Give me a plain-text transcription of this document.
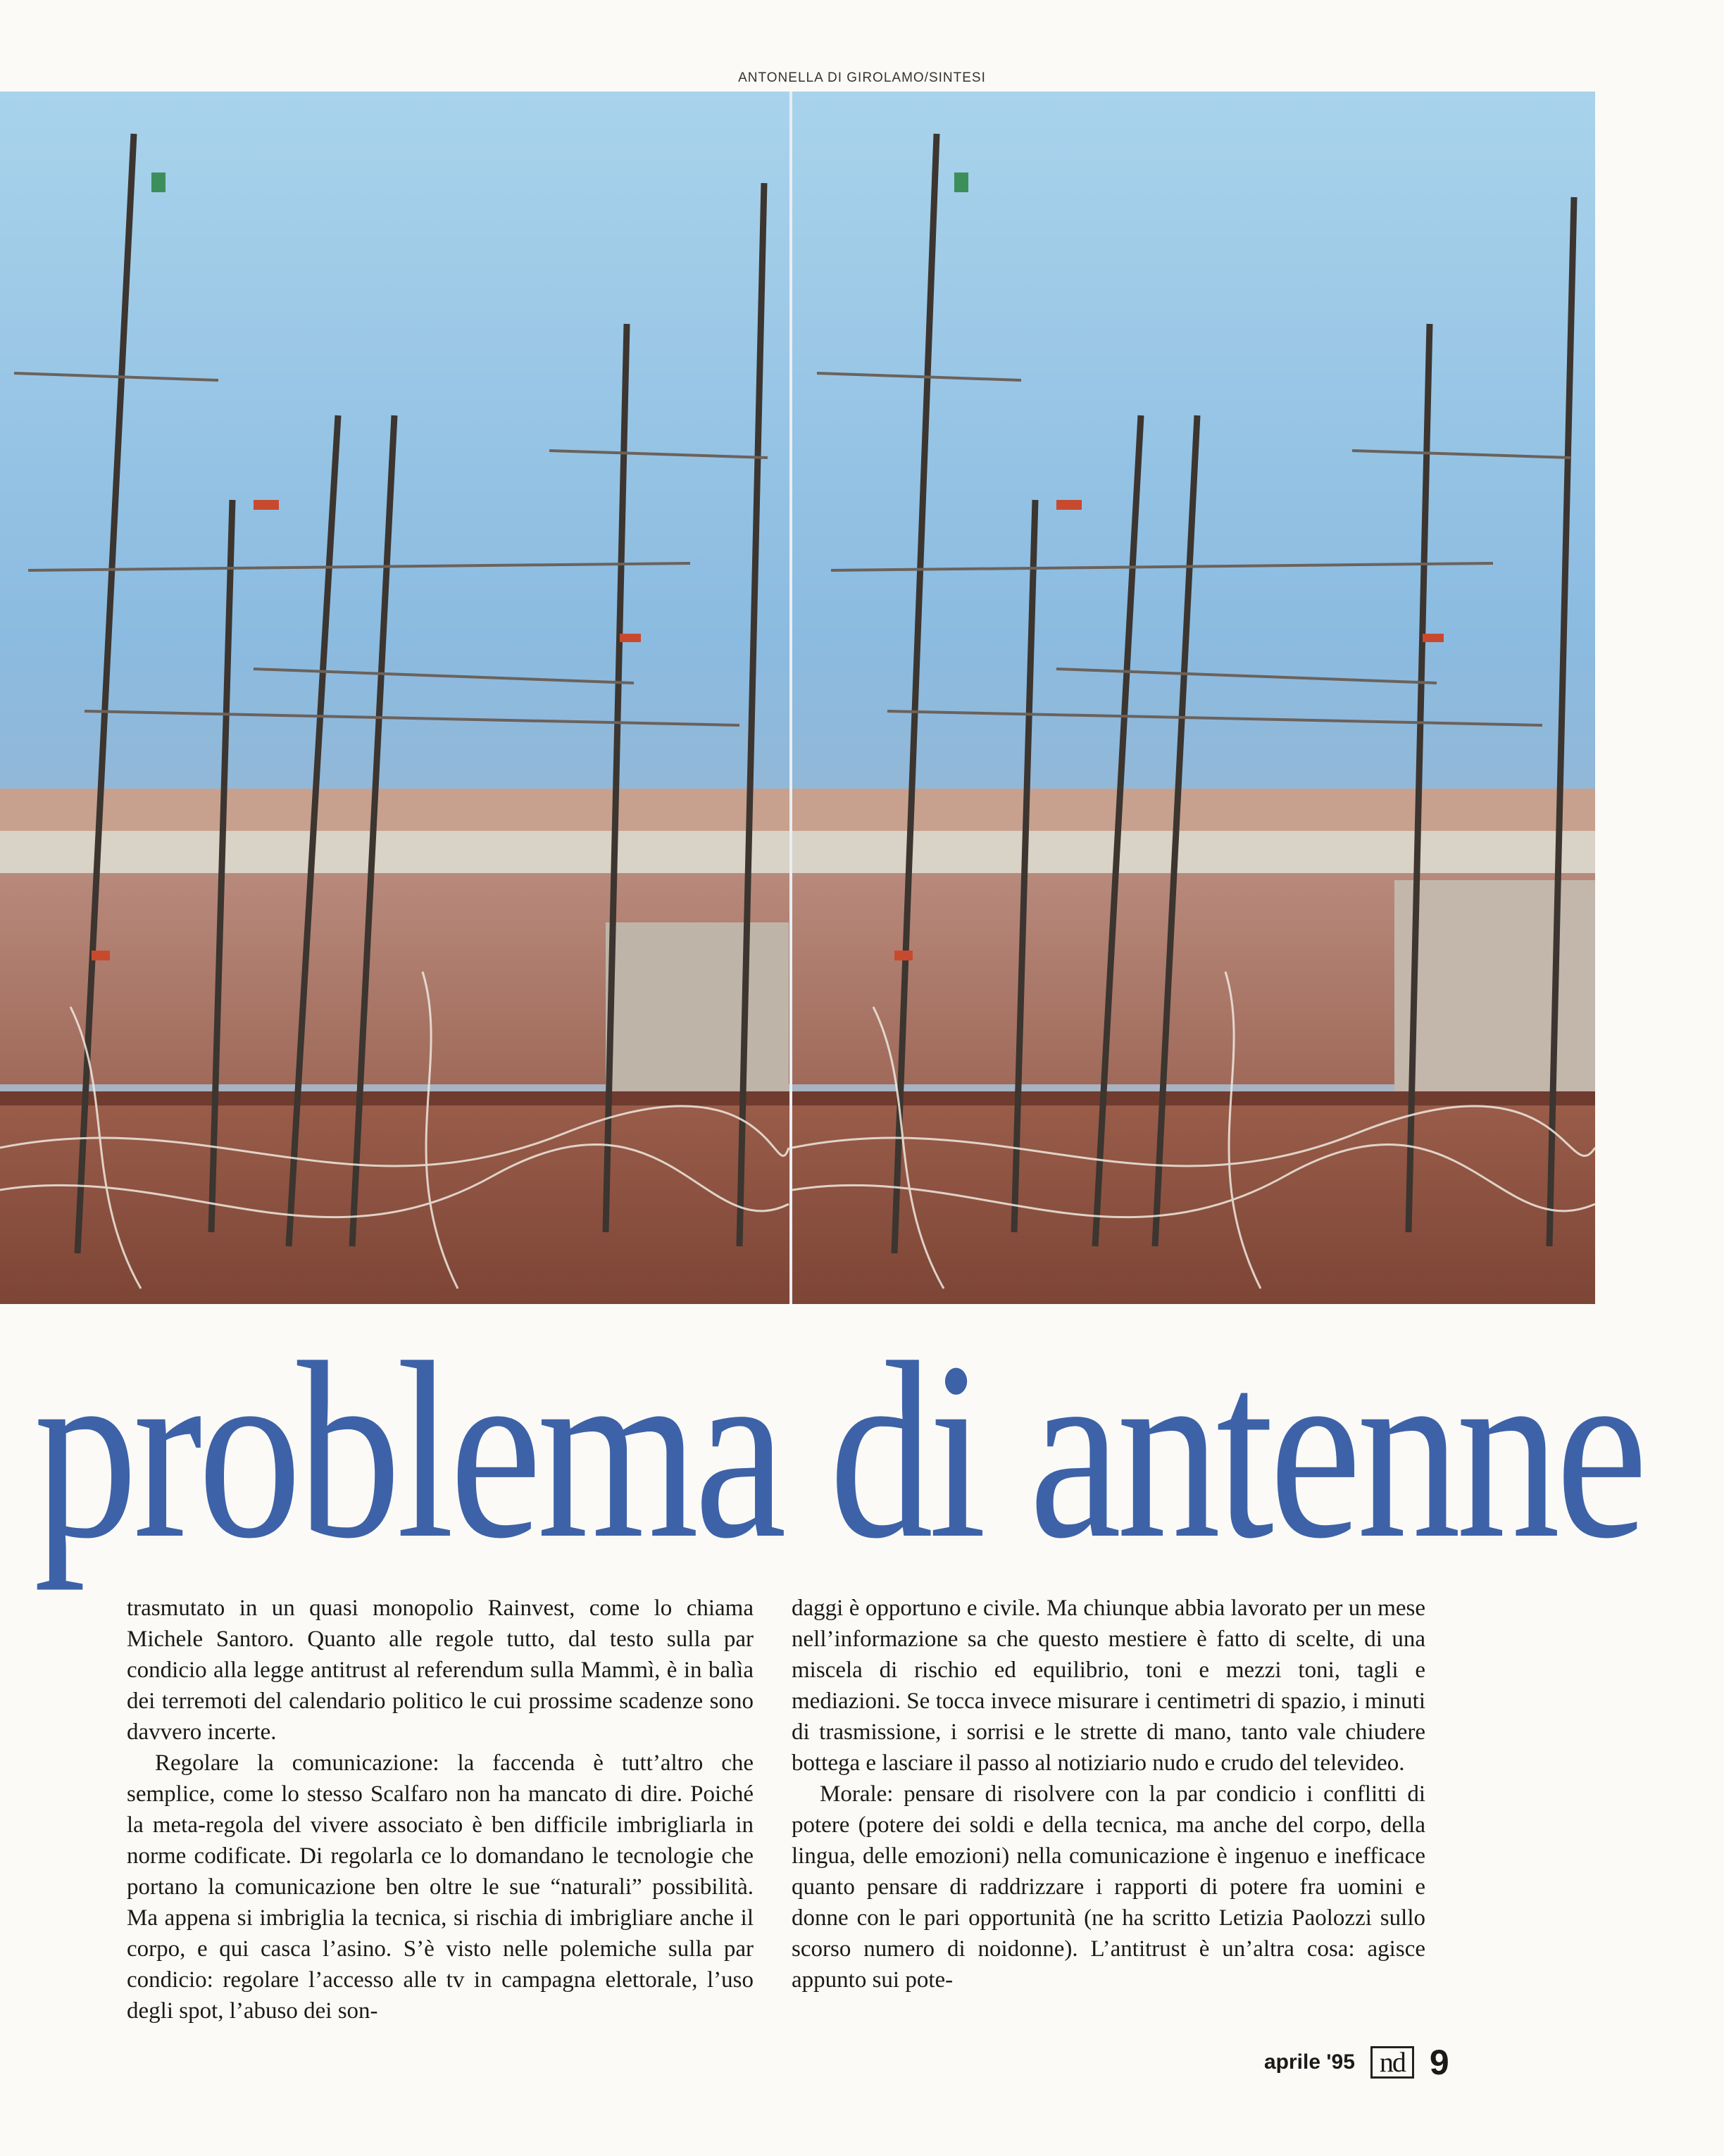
ANTONELLA DI GIROLAMO/SINTESI
problema di antenne

trasmutato in un quasi monopolio Rainvest, come lo chiama Michele Santoro. Quanto alle regole tutto, dal testo sulla par condicio alla legge antitrust al referendum sulla Mammì, è in balìa dei terremoti del calendario politico le cui prossime scadenze sono davvero incerte.

Regolare la comunicazione: la faccenda è tutt’altro che semplice, come lo stesso Scalfaro non ha mancato di dire. Poiché la meta-regola del vivere associato è ben difficile imbrigliarla in norme codificate. Di regolarla ce lo domandano le tecnologie che portano la comunicazione ben oltre le sue “naturali” possibilità. Ma appena si imbriglia la tecnica, si rischia di imbrigliare anche il corpo, e qui casca l’asino. S’è visto nelle polemiche sulla par condicio: regolare l’accesso alle tv in campagna elettorale, l’uso degli spot, l’abuso dei son-

daggi è opportuno e civile. Ma chiunque abbia lavorato per un mese nell’informazione sa che questo mestiere è fatto di scelte, di una miscela di rischio ed equilibrio, toni e mezzi toni, tagli e mediazioni. Se tocca invece misurare i centimetri di spazio, i minuti di trasmissione, i sorrisi e le strette di mano, tanto vale chiudere bottega e lasciare il passo al notiziario nudo e crudo del televideo.

Morale: pensare di risolvere con la par condicio i conflitti di potere (potere dei soldi e della tecnica, ma anche del corpo, della lingua, delle emozioni) nella comunicazione è ingenuo e inefficace quanto pensare di raddrizzare i rapporti di potere fra uomini e donne con le pari opportunità (ne ha scritto Letizia Paolozzi sullo scorso numero di noidonne). L’antitrust è un’altra cosa: agisce appunto sui pote-

aprile '95 nd 9
